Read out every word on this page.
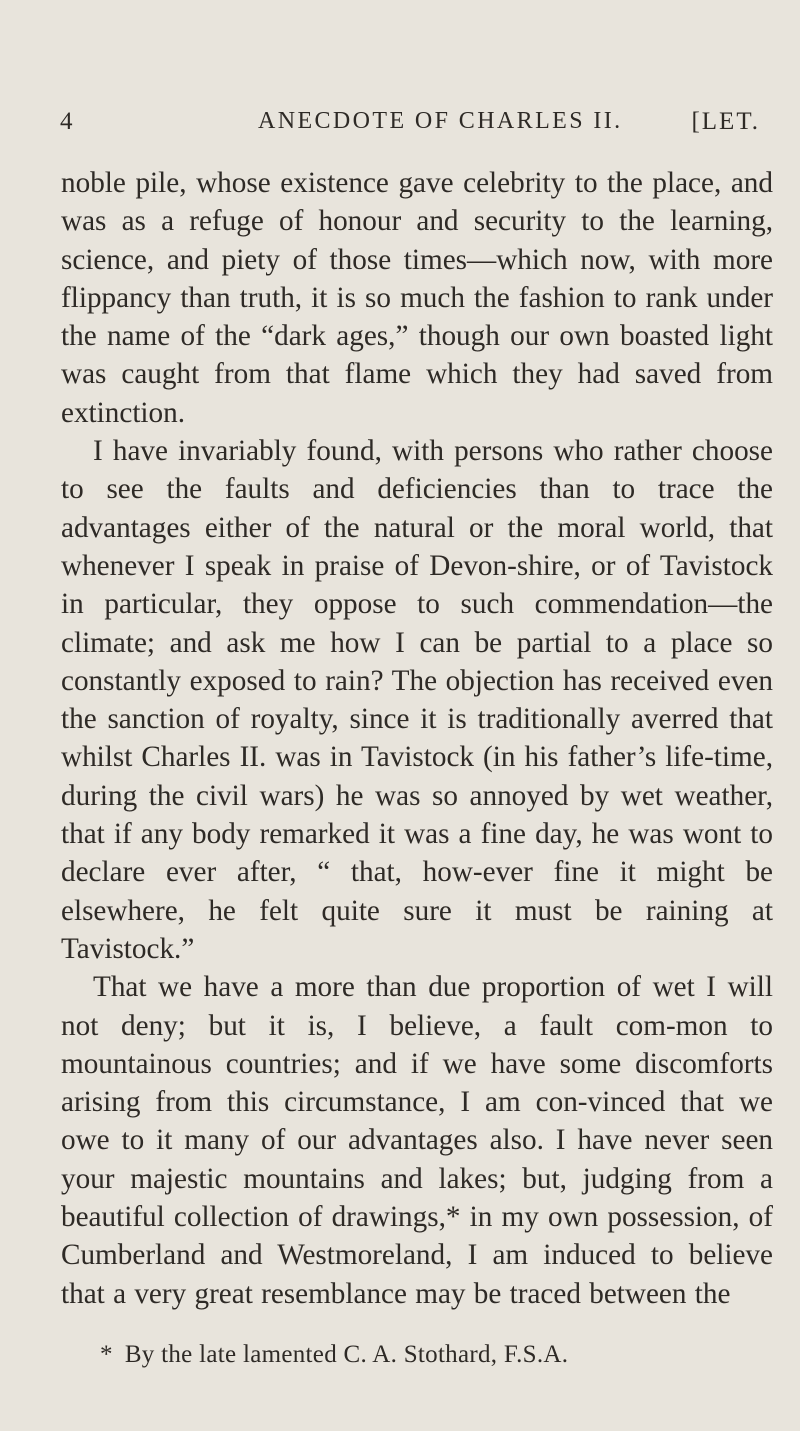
4	ANECDOTE OF CHARLES II.	[LET.

noble pile, whose existence gave celebrity to the place, and was as a refuge of honour and security to the learning, science, and piety of those times—which now, with more flippancy than truth, it is so much the fashion to rank under the name of the “dark ages,” though our own boasted light was caught from that flame which they had saved from extinction.

I have invariably found, with persons who rather choose to see the faults and deficiencies than to trace the advantages either of the natural or the moral world, that whenever I speak in praise of Devon-shire, or of Tavistock in particular, they oppose to such commendation—the climate; and ask me how I can be partial to a place so constantly exposed to rain? The objection has received even the sanction of royalty, since it is traditionally averred that whilst Charles II. was in Tavistock (in his father’s life-time, during the civil wars) he was so annoyed by wet weather, that if any body remarked it was a fine day, he was wont to declare ever after, “ that, how-ever fine it might be elsewhere, he felt quite sure it must be raining at Tavistock.”

That we have a more than due proportion of wet I will not deny; but it is, I believe, a fault com-mon to mountainous countries; and if we have some discomforts arising from this circumstance, I am con-vinced that we owe to it many of our advantages also. I have never seen your majestic mountains and lakes; but, judging from a beautiful collection of drawings,* in my own possession, of Cumberland and Westmoreland, I am induced to believe that a very great resemblance may be traced between the

* By the late lamented C. A. Stothard, F.S.A.
